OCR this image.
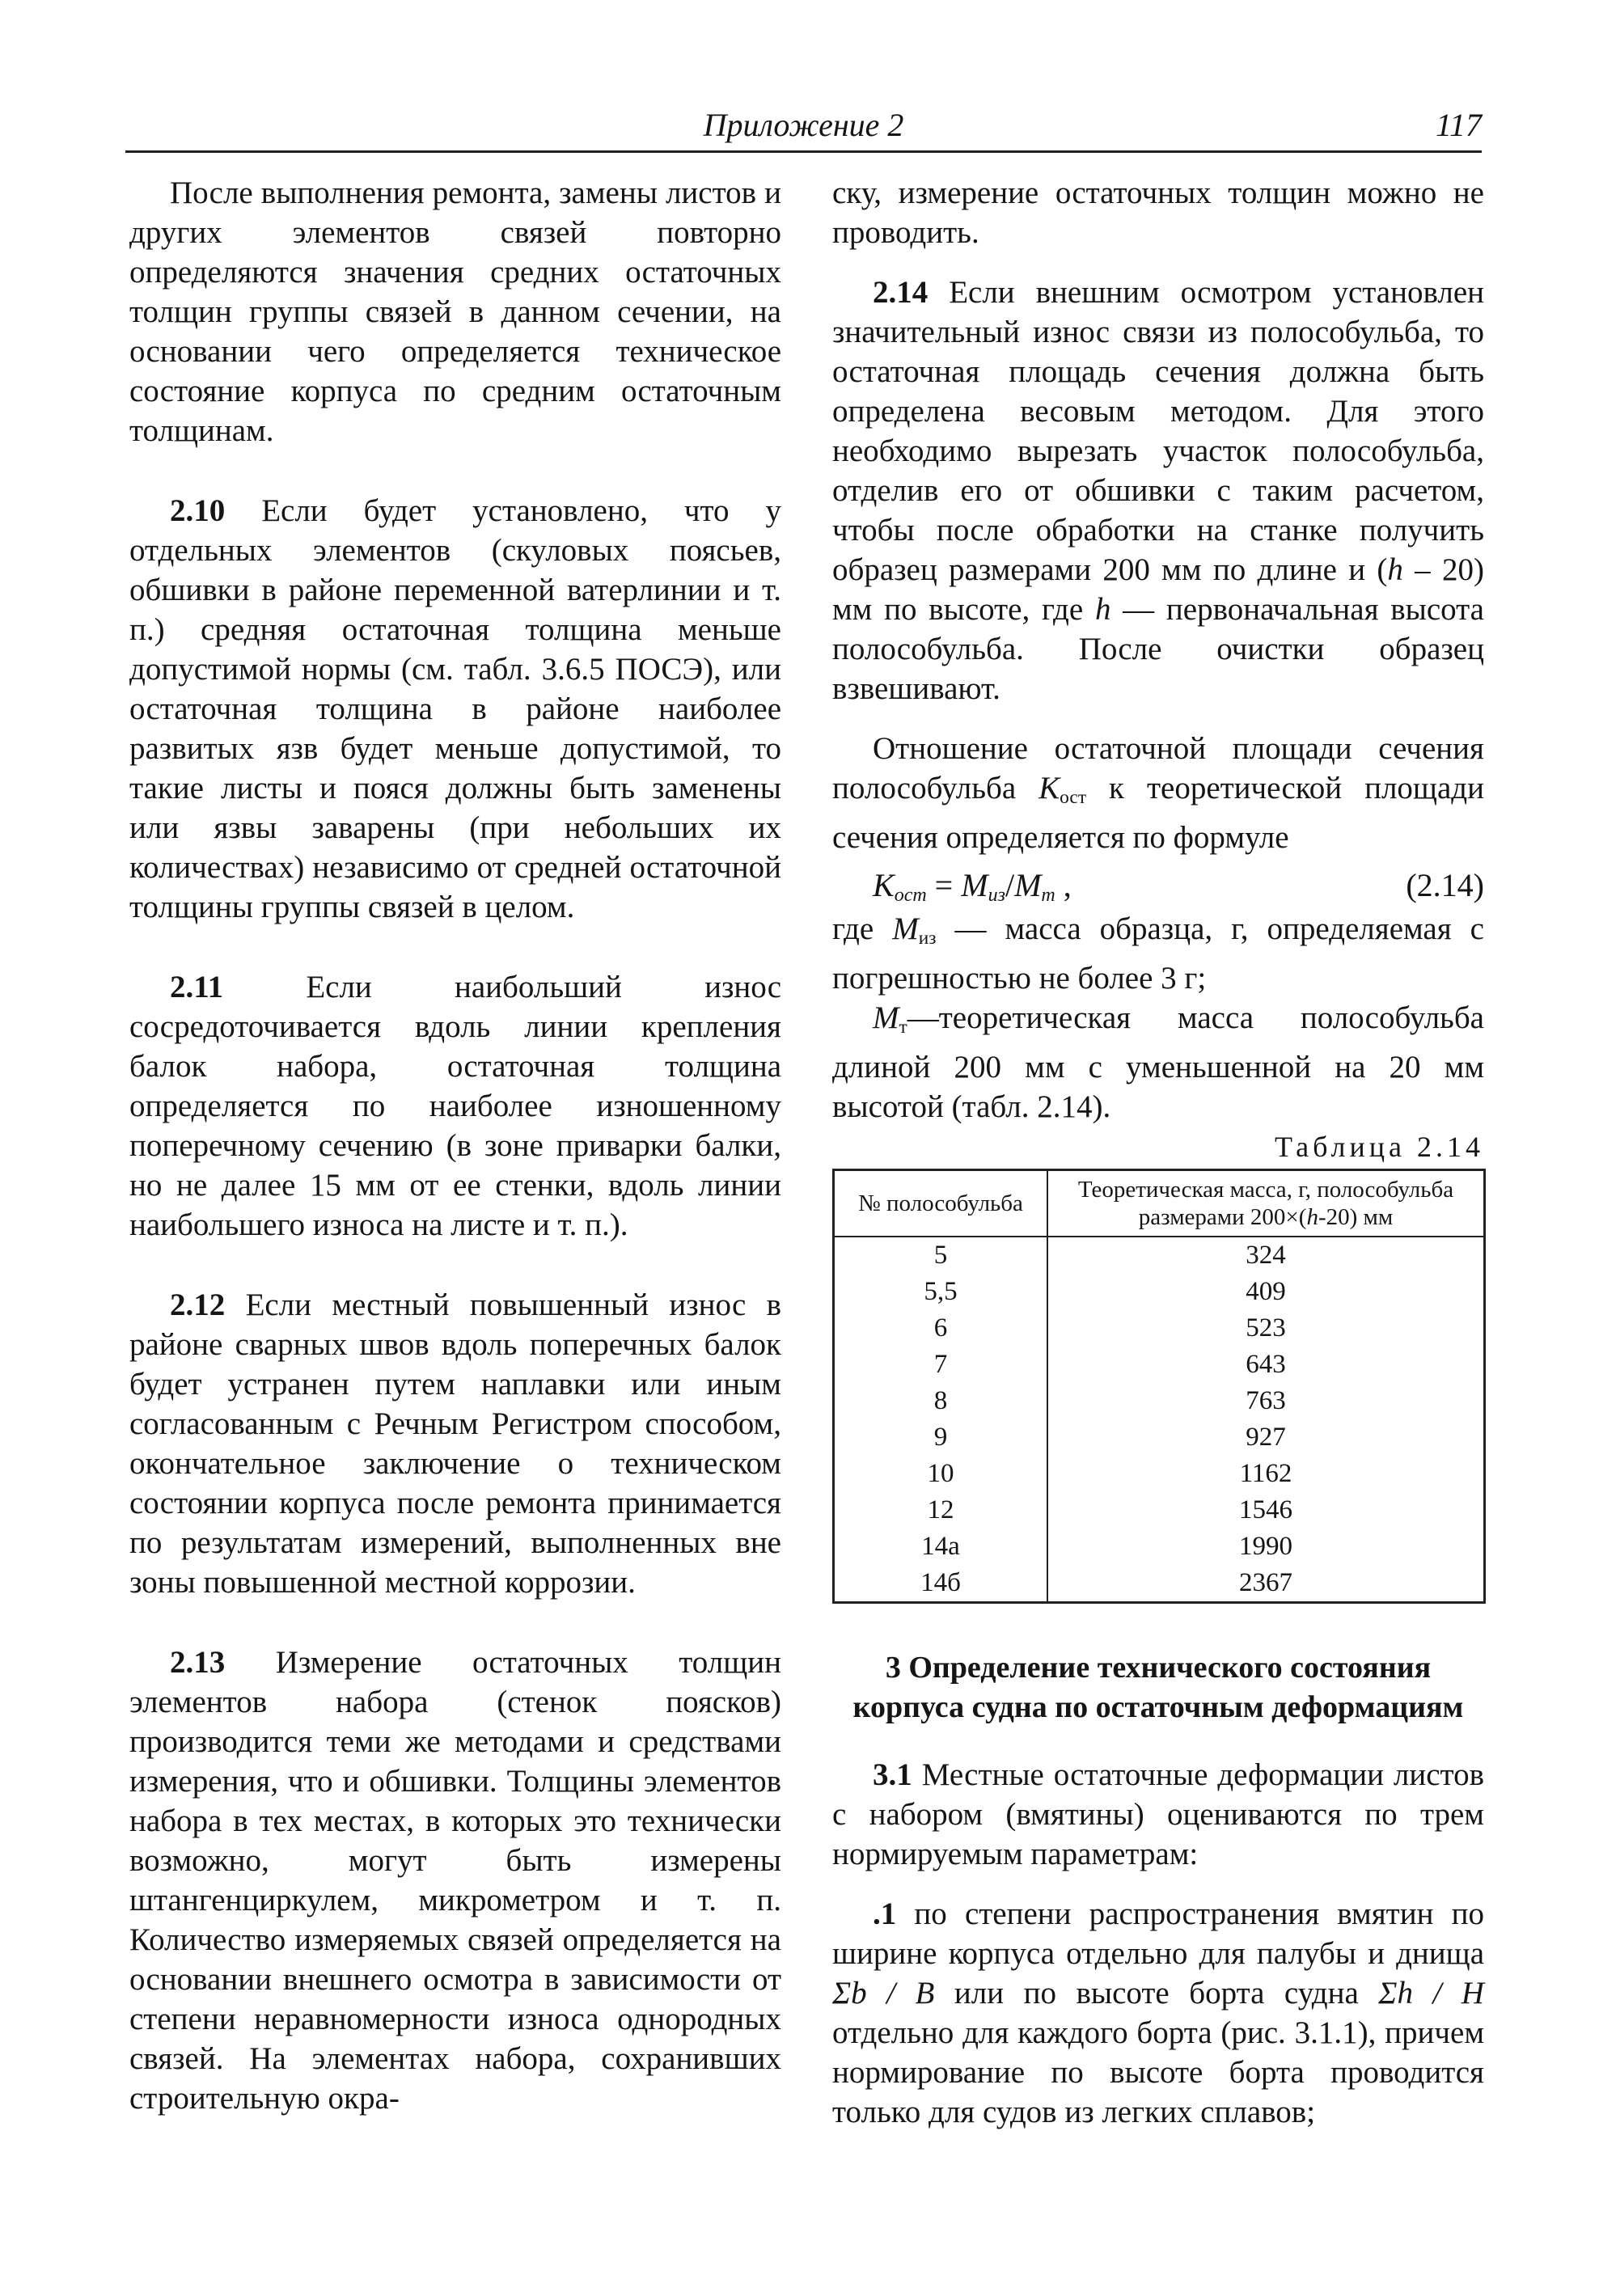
Приложение 2	117

После выполнения ремонта, замены листов и других элементов связей повторно определяются значения средних остаточных толщин группы связей в данном сечении, на основании чего определяется техническое состояние корпуса по средним остаточным толщинам.

2.10 Если будет установлено, что у отдельных элементов (скуловых поясьев, обшивки в районе переменной ватерлинии и т. п.) средняя остаточная толщина меньше допустимой нормы (см. табл. 3.6.5 ПОСЭ), или остаточная толщина в районе наиболее развитых язв будет меньше допустимой, то такие листы и пояся должны быть заменены или язвы заварены (при небольших их количествах) независимо от средней остаточной толщины группы связей в целом.

2.11	Если наибольший износ сосредоточивается вдоль линии крепления балок набора, остаточная толщина определяется по наиболее изношенному поперечному сечению (в зоне приварки балки, но не далее 15 мм от ее стенки, вдоль линии наибольшего износа на листе и т. п.).

2.12 Если местный повышенный износ в районе сварных швов вдоль поперечных балок будет устранен путем наплавки или иным согласованным с Речным Регистром способом, окончательное заключение о техническом состоянии корпуса после ремонта принимается по результатам измерений, выполненных вне зоны повышенной местной коррозии.

2.13 Измерение остаточных толщин элементов набора (стенок поясков) производится теми же методами и средствами измерения, что и обшивки. Толщины элементов набора в тех местах, в которых это технически возможно, могут быть измерены штангенциркулем, микрометром и т. п. Количество измеряемых связей определяется на основании внешнего осмотра в зависимости от степени неравномерности износа однородных связей. На элементах набора, сохранивших строительную окра-

ску, измерение остаточных толщин можно не проводить.

2.14 Если внешним осмотром установлен значительный износ связи из полособульба, то остаточная площадь сечения должна быть определена весовым методом. Для этого необходимо вырезать участок полособульба, отделив его от обшивки с таким расчетом, чтобы после обработки на станке получить образец размерами 200 мм по длине и (h – 20) мм по высоте, где h — первоначальная высота полособульба. После очистки образец взвешивают.

Отношение остаточной площади сечения полособульба $K_{ост}$ к теоретической площади сечения определяется по формуле

$K_{ост} = M_{из}/M_т$ ,	(2.14)

где $M_{из}$ — масса образца, г, определяемая с погрешностью не более 3 г;

$M_т—теоретическая$ масса полособульба длиной 200 мм с уменьшенной на 20 мм высотой (табл. 2.14).

Таблица 2.14
№ полособульба	Теоретическая масса, г, полособульба размерами 200×(h-20) мм
5	324
5,5	409
6	523
7	643
8	763
9	927
10	1162
12	1546
14а	1990
14б	2367
3 Определение технического состояния корпуса судна по остаточным деформациям

3.1 Местные остаточные деформации листов с набором (вмятины) оцениваются по трем нормируемым параметрам:

.1 по степени распространения вмятин по ширине корпуса отдельно для палубы и днища Σb / B или по высоте борта судна Σh / H отдельно для каждого борта (рис. 3.1.1), причем нормирование по высоте борта проводится только для судов из легких сплавов;
